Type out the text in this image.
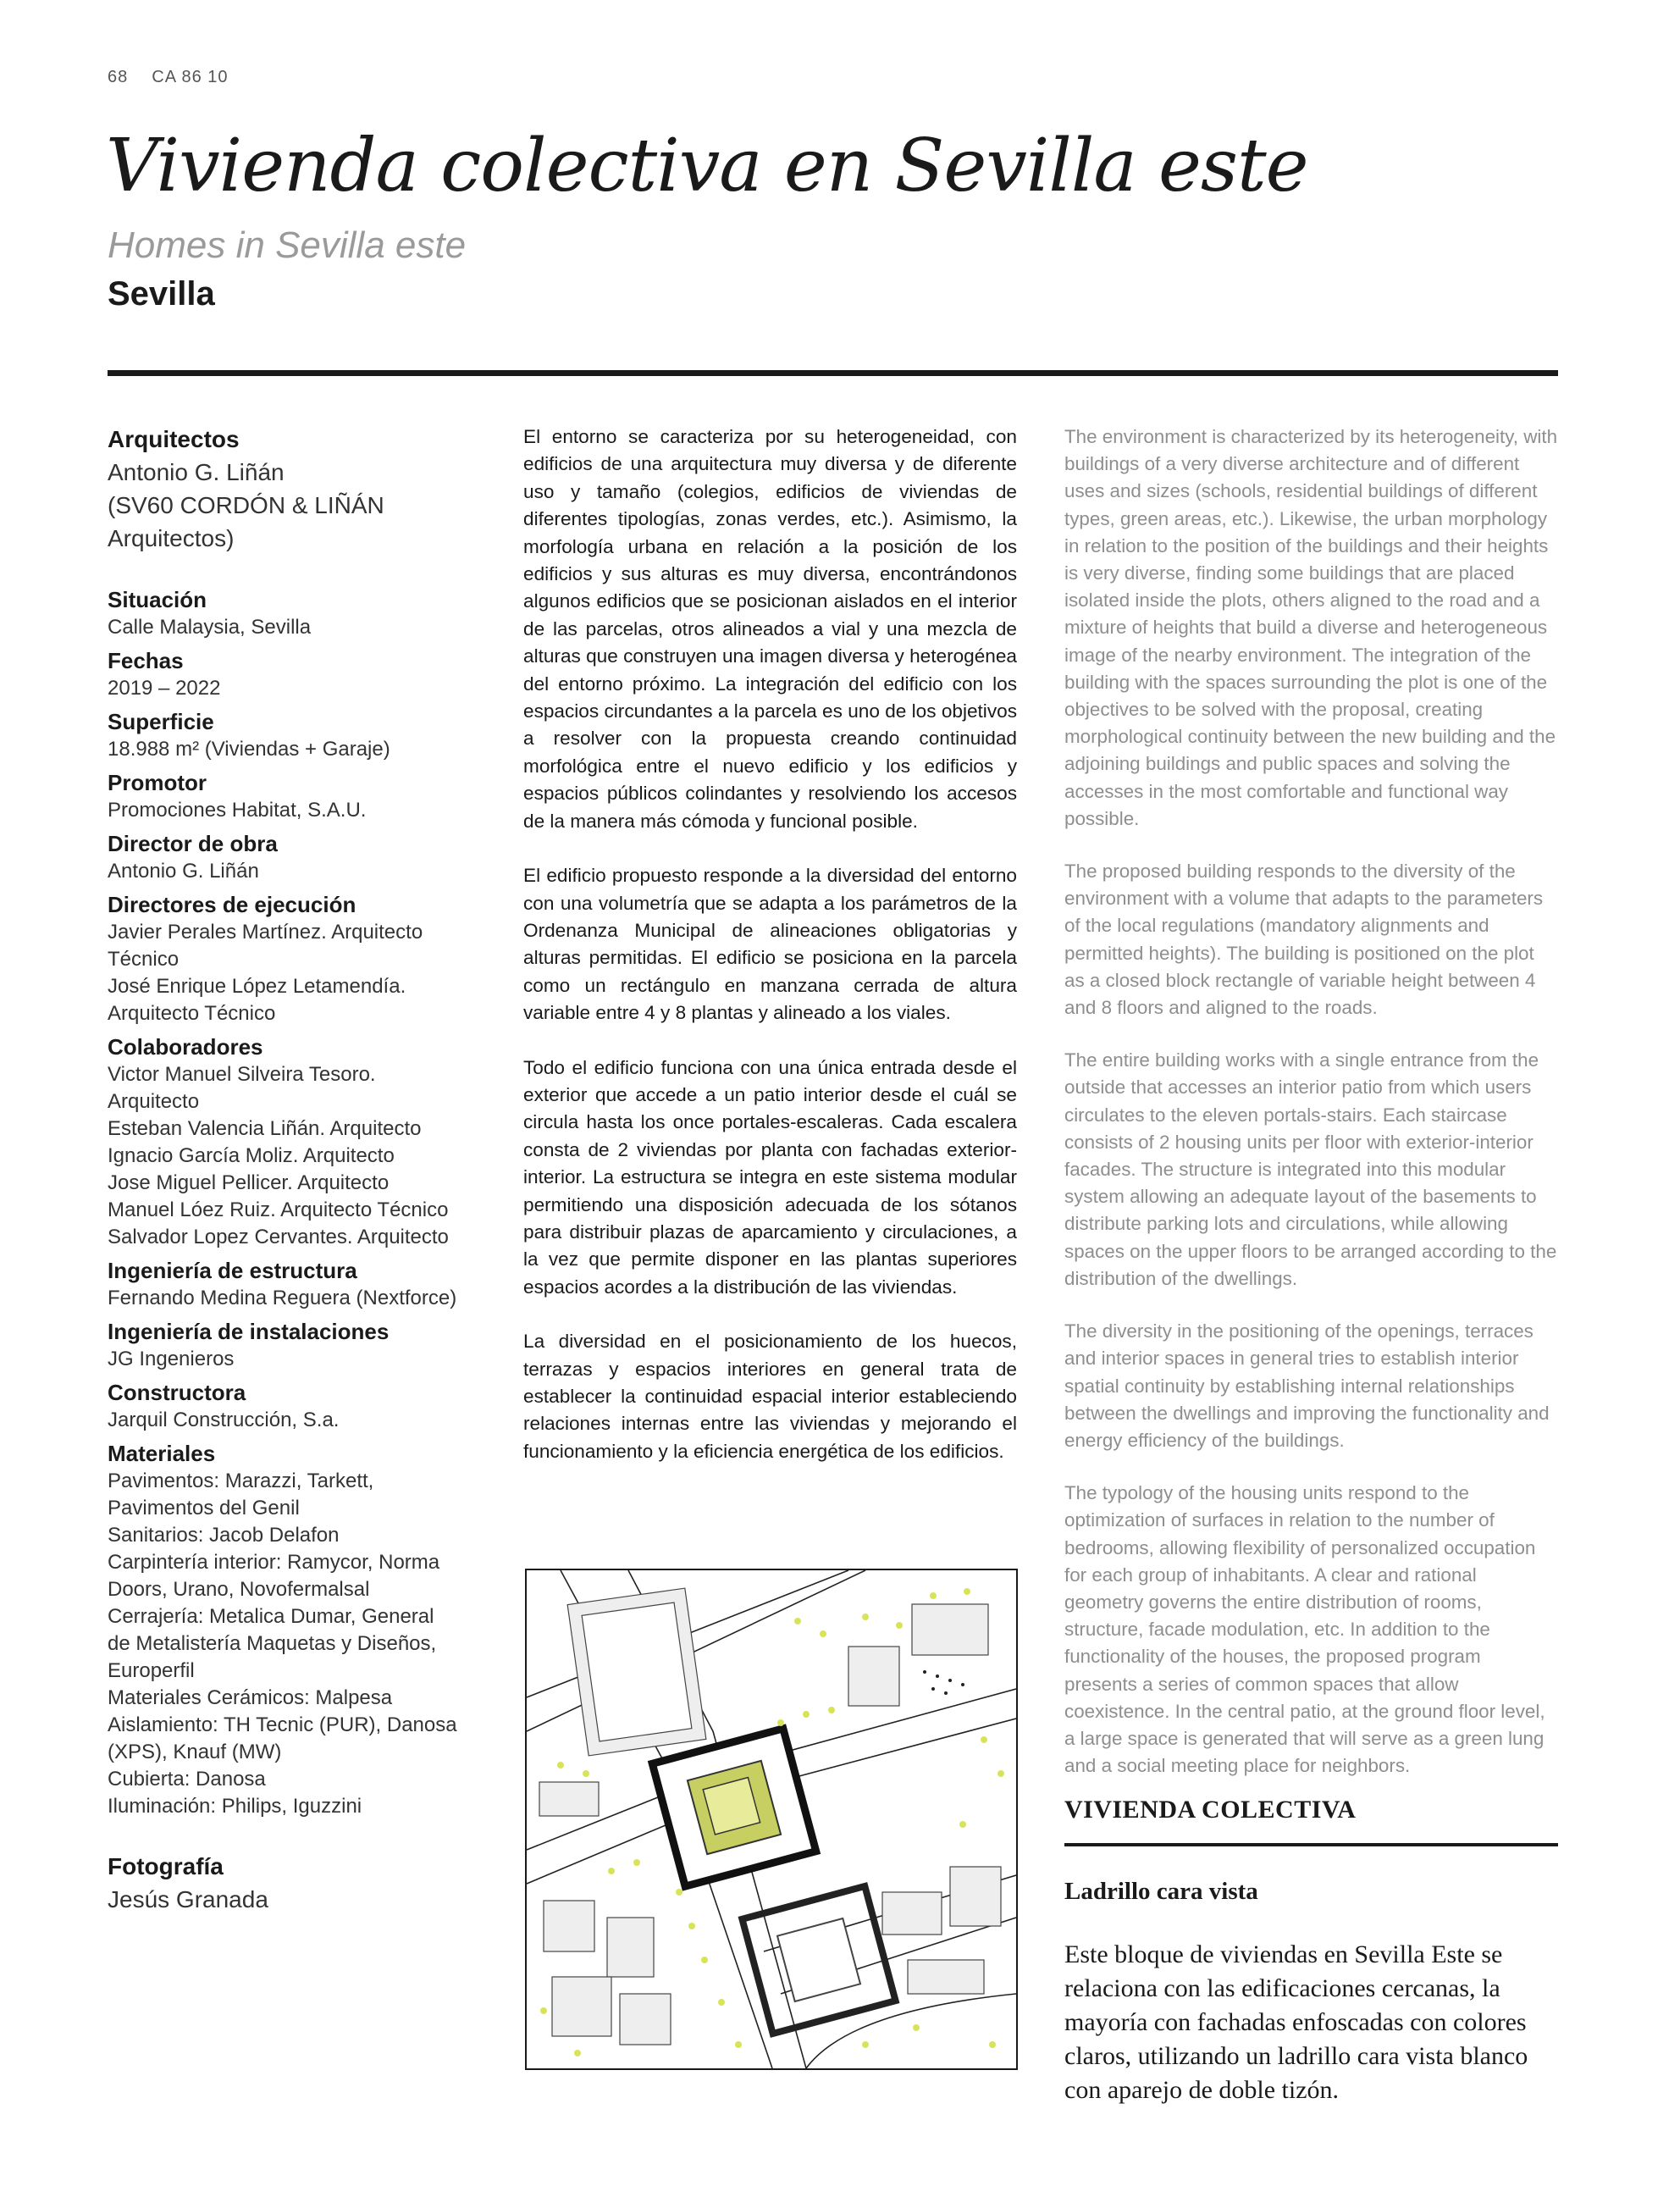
68 CA 86 10
Vivienda colectiva en Sevilla este
Homes in Sevilla este
Sevilla
Arquitectos
Antonio G. Liñán
(SV60 CORDÓN & LIÑÁN
Arquitectos)
Situación
Calle Malaysia, Sevilla
Fechas
2019 – 2022
Superficie
18.988 m² (Viviendas + Garaje)
Promotor
Promociones Habitat, S.A.U.
Director de obra
Antonio G. Liñán
Directores de ejecución
Javier Perales Martínez. Arquitecto
Técnico
José Enrique López Letamendía.
Arquitecto Técnico
Colaboradores
Victor Manuel Silveira Tesoro.
Arquitecto
Esteban Valencia Liñán. Arquitecto
Ignacio García Moliz. Arquitecto
Jose Miguel Pellicer. Arquitecto
Manuel Lóez Ruiz. Arquitecto Técnico
Salvador Lopez Cervantes. Arquitecto
Ingeniería de estructura
Fernando Medina Reguera (Nextforce)
Ingeniería de instalaciones
JG Ingenieros
Constructora
Jarquil Construcción, S.a.
Materiales
Pavimentos: Marazzi, Tarkett,
Pavimentos del Genil
Sanitarios: Jacob Delafon
Carpintería interior: Ramycor, Norma
Doors, Urano, Novofermalsal
Cerrajería: Metalica Dumar, General
de Metalistería Maquetas y Diseños,
Europerfil
Materiales Cerámicos: Malpesa
Aislamiento: TH Tecnic (PUR), Danosa
(XPS), Knauf (MW)
Cubierta: Danosa
Iluminación: Philips, Iguzzini
Fotografía
Jesús Granada

El entorno se caracteriza por su heterogeneidad, con edificios de una arquitectura muy diversa y de diferente uso y tamaño (colegios, edificios de viviendas de diferentes tipologías, zonas verdes, etc.). Asimismo, la morfología urbana en relación a la posición de los edificios y sus alturas es muy diversa, encontrándonos algunos edificios que se posicionan aislados en el interior de las parcelas, otros alineados a vial y una mezcla de alturas que construyen una imagen diversa y heterogénea del entorno próximo. La integración del edificio con los espacios circundantes a la parcela es uno de los objetivos a resolver con la propuesta creando continuidad morfológica entre el nuevo edificio y los edificios y espacios públicos colindantes y resolviendo los accesos de la manera más cómoda y funcional posible.

El edificio propuesto responde a la diversidad del entorno con una volumetría que se adapta a los parámetros de la Ordenanza Municipal de alineaciones obligatorias y alturas permitidas. El edificio se posiciona en la parcela como un rectángulo en manzana cerrada de altura variable entre 4 y 8 plantas y alineado a los viales.

Todo el edificio funciona con una única entrada desde el exterior que accede a un patio interior desde el cuál se circula hasta los once portales-escaleras. Cada escalera consta de 2 viviendas por planta con fachadas exterior-interior. La estructura se integra en este sistema modular permitiendo una disposición adecuada de los sótanos para distribuir plazas de aparcamiento y circulaciones, a la vez que permite disponer en las plantas superiores espacios acordes a la distribución de las viviendas.

La diversidad en el posicionamiento de los huecos, terrazas y espacios interiores en general trata de establecer la continuidad espacial interior estableciendo relaciones internas entre las viviendas y mejorando el funcionamiento y la eficiencia energética de los edificios.

The environment is characterized by its heterogeneity, with buildings of a very diverse architecture and of different uses and sizes (schools, residential buildings of different types, green areas, etc.). Likewise, the urban morphology in relation to the position of the buildings and their heights is very diverse, finding some buildings that are placed isolated inside the plots, others aligned to the road and a mixture of heights that build a diverse and heterogeneous image of the nearby environment. The integration of the building with the spaces surrounding the plot is one of the objectives to be solved with the proposal, creating morphological continuity between the new building and the adjoining buildings and public spaces and solving the accesses in the most comfortable and functional way possible.

The proposed building responds to the diversity of the environment with a volume that adapts to the parameters of the local regulations (mandatory alignments and permitted heights). The building is positioned on the plot as a closed block rectangle of variable height between 4 and 8 floors and aligned to the roads.

The entire building works with a single entrance from the outside that accesses an interior patio from which users circulates to the eleven portals-stairs. Each staircase consists of 2 housing units per floor with exterior-interior facades. The structure is integrated into this modular system allowing an adequate layout of the basements to distribute parking lots and circulations, while allowing spaces on the upper floors to be arranged according to the distribution of the dwellings.

The diversity in the positioning of the openings, terraces and interior spaces in general tries to establish interior spatial continuity by establishing internal relationships between the dwellings and improving the functionality and energy efficiency of the buildings.

The typology of the housing units respond to the optimization of surfaces in relation to the number of bedrooms, allowing flexibility of personalized occupation for each group of inhabitants. A clear and rational geometry governs the entire distribution of rooms, structure, facade modulation, etc. In addition to the functionality of the houses, the proposed program presents a series of common spaces that allow coexistence. In the central patio, at the ground floor level, a large space is generated that will serve as a green lung and a social meeting place for neighbors.

VIVIENDA COLECTIVA
Ladrillo cara vista

Este bloque de viviendas en Sevilla Este se relaciona con las edificaciones cercanas, la mayoría con fachadas enfoscadas con colores claros, utilizando un ladrillo cara vista blanco con aparejo de doble tizón.
